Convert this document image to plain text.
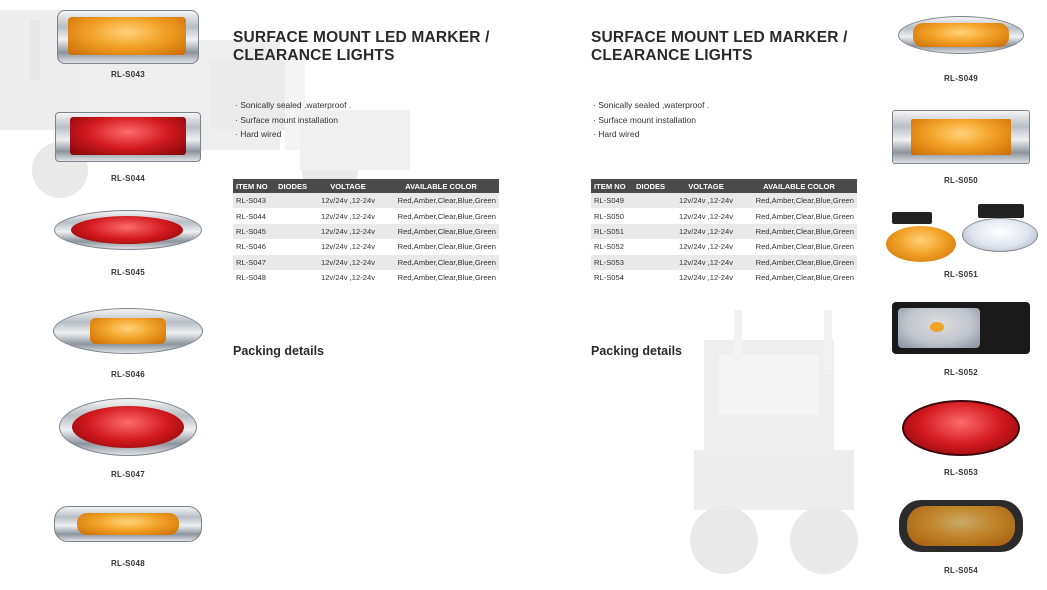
RL-S043
RL-S044
RL-S045
RL-S046
RL-S047
RL-S048
SURFACE MOUNT LED MARKER /
CLEARANCE LIGHTS
· Sonically sealed ,waterproof .
· Surface mount installation
· Hard wired
ITEM NO	DIODES	VOLTAGE	AVAILABLE COLOR
RL-S043		12v/24v ,12-24v	Red,Amber,Clear,Blue,Green
RL-S044		12v/24v ,12-24v	Red,Amber,Clear,Blue,Green
RL-S045		12v/24v ,12-24v	Red,Amber,Clear,Blue,Green
RL-S046		12v/24v ,12-24v	Red,Amber,Clear,Blue,Green
RL-S047		12v/24v ,12-24v	Red,Amber,Clear,Blue,Green
RL-S048		12v/24v ,12-24v	Red,Amber,Clear,Blue,Green
Packing details
SURFACE MOUNT LED MARKER /
CLEARANCE LIGHTS
· Sonically sealed ,waterproof .
· Surface mount installation
· Hard wired
ITEM NO	DIODES	VOLTAGE	AVAILABLE COLOR
RL-S049		12v/24v ,12-24v	Red,Amber,Clear,Blue,Green
RL-S050		12v/24v ,12-24v	Red,Amber,Clear,Blue,Green
RL-S051		12v/24v ,12-24v	Red,Amber,Clear,Blue,Green
RL-S052		12v/24v ,12-24v	Red,Amber,Clear,Blue,Green
RL-S053		12v/24v ,12-24v	Red,Amber,Clear,Blue,Green
RL-S054		12v/24v ,12-24v	Red,Amber,Clear,Blue,Green
Packing details
RL-S049
RL-S050
RL-S051
RL-S052
RL-S053
RL-S054
